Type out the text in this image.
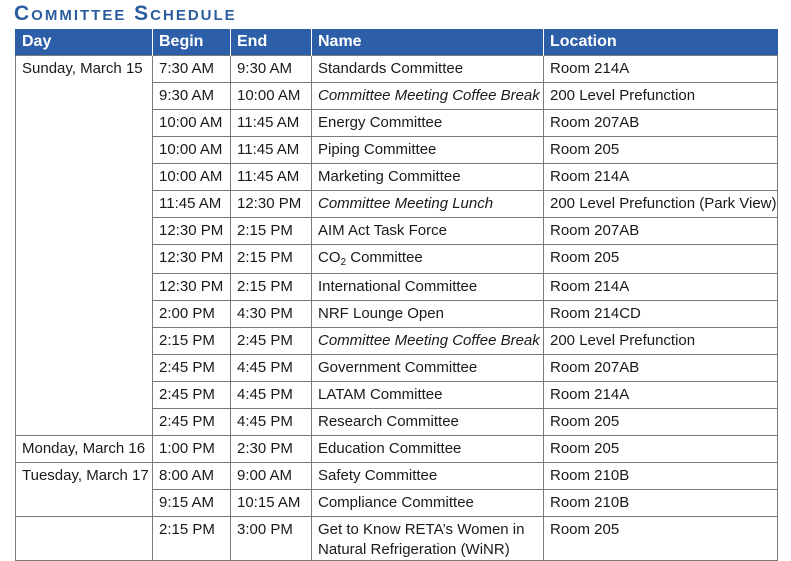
Committee Schedule
Day	Begin	End	Name	Location
Sunday, March 15	7:30 AM	9:30 AM	Standards Committee	Room 214A
	9:30 AM	10:00 AM	Committee Meeting Coffee Break	200 Level Prefunction
	10:00 AM	11:45 AM	Energy Committee	Room 207AB
	10:00 AM	11:45 AM	Piping Committee	Room 205
	10:00 AM	11:45 AM	Marketing Committee	Room 214A
	11:45 AM	12:30 PM	Committee Meeting Lunch	200 Level Prefunction (Park View)
	12:30 PM	2:15 PM	AIM Act Task Force	Room 207AB
	12:30 PM	2:15 PM	$CO_2$ Committee	Room 205
	12:30 PM	2:15 PM	International Committee	Room 214A
	2:00 PM	4:30 PM	NRF Lounge Open	Room 214CD
	2:15 PM	2:45 PM	Committee Meeting Coffee Break	200 Level Prefunction
	2:45 PM	4:45 PM	Government Committee	Room 207AB
	2:45 PM	4:45 PM	LATAM Committee	Room 214A
	2:45 PM	4:45 PM	Research Committee	Room 205
Monday, March 16	1:00 PM	2:30 PM	Education Committee	Room 205
Tuesday, March 17	8:00 AM	9:00 AM	Safety Committee	Room 210B
	9:15 AM	10:15 AM	Compliance Committee	Room 210B
	2:15 PM	3:00 PM	Get to Know RETA’s Women in Natural Refrigeration (WiNR)	Room 205
